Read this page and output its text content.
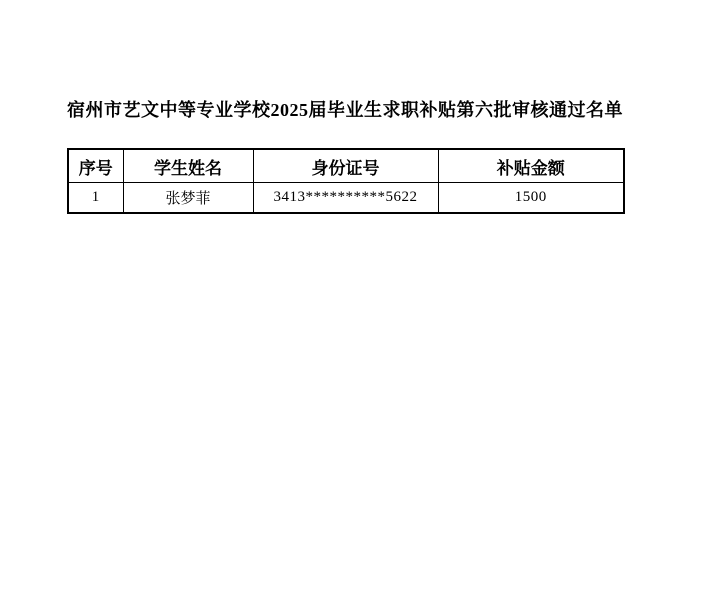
宿州市艺文中等专业学校2025届毕业生求职补贴第六批审核通过名单
序号	学生姓名	身份证号	补贴金额
1	张梦菲	3413**********5622	1500
